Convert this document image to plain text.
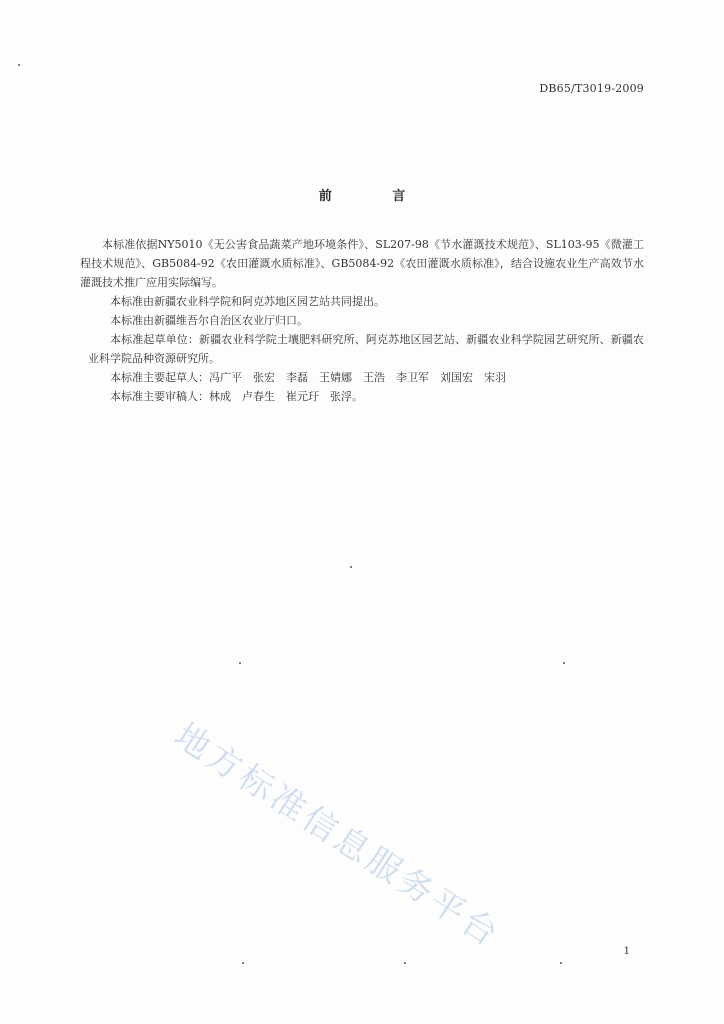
DB65/T3019-2009
前 言

本标准依据NY5010《无公害食品蔬菜产地环境条件》、SL207-98《节水灌溉技术规范》、SL103-95《微灌工程技术规范》、GB5084-92《农田灌溉水质标准》、GB5084-92《农田灌溉水质标准》，结合设施农业生产高效节水灌溉技术推广应用实际编写。

本标准由新疆农业科学院和阿克苏地区园艺站共同提出。

本标准由新疆维吾尔自治区农业厅归口。

本标准起草单位：新疆农业科学院土壤肥料研究所、阿克苏地区园艺站、新疆农业科学院园艺研究所、新疆农业科学院品种资源研究所。

本标准主要起草人：冯广平　张宏　李磊　王婧娜　王浩　李卫军　刘国宏　宋羽

本标准主要审稿人：林成　卢春生　崔元玗　张浮。

地方标准信息服务平台	1
